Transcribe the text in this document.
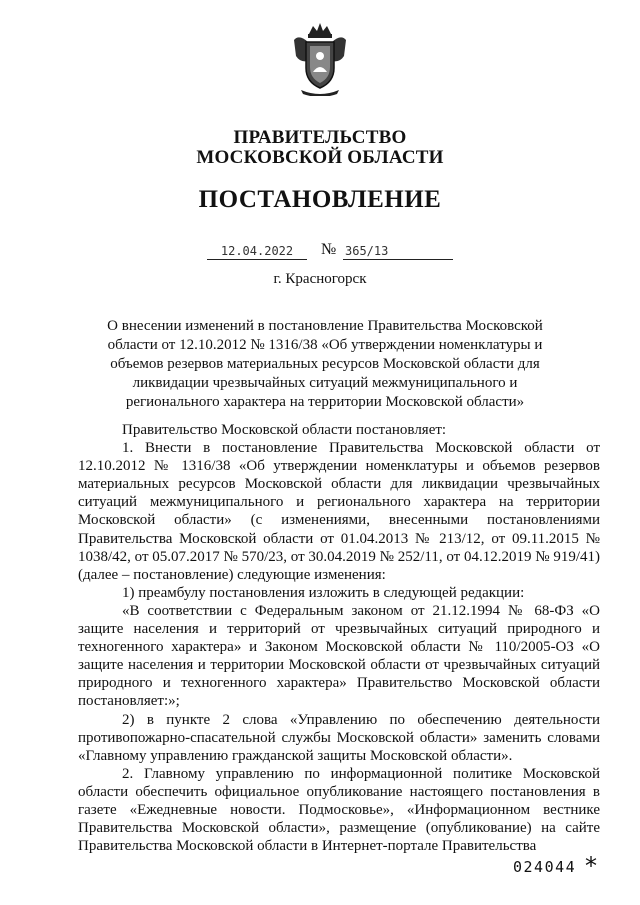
ПРАВИТЕЛЬСТВО
МОСКОВСКОЙ ОБЛАСТИ
ПОСТАНОВЛЕНИЕ
12.04.2022	№ 365/13
г. Красногорск
О внесении изменений в постановление Правительства Московской области от 12.10.2012 № 1316/38 «Об утверждении номенклатуры и объемов резервов материальных ресурсов Московской области для ликвидации чрезвычайных ситуаций межмуниципального и регионального характера на территории Московской области»

Правительство Московской области постановляет:

1. Внести в постановление Правительства Московской области от 12.10.2012 № 1316/38 «Об утверждении номенклатуры и объемов резервов материальных ресурсов Московской области для ликвидации чрезвычайных ситуаций межмуниципального и регионального характера на территории Московской области» (с изменениями, внесенными постановлениями Правительства Московской области от 01.04.2013 № 213/12, от 09.11.2015 № 1038/42, от 05.07.2017 № 570/23, от 30.04.2019 № 252/11, от 04.12.2019 № 919/41) (далее – постановление) следующие изменения:

1) преамбулу постановления изложить в следующей редакции:

«В соответствии с Федеральным законом от 21.12.1994 № 68-ФЗ «О защите населения и территорий от чрезвычайных ситуаций природного и техногенного характера» и Законом Московской области № 110/2005-ОЗ «О защите населения и территории Московской области от чрезвычайных ситуаций природного и техногенного характера» Правительство Московской области постановляет:»;

2) в пункте 2 слова «Управлению по обеспечению деятельности противопожарно-спасательной службы Московской области» заменить словами «Главному управлению гражданской защиты Московской области».

2. Главному управлению по информационной политике Московской области обеспечить официальное опубликование настоящего постановления в газете «Ежедневные новости. Подмосковье», «Информационном вестнике Правительства Московской области», размещение (опубликование) на сайте Правительства Московской области в Интернет-портале Правительства

024044 *
